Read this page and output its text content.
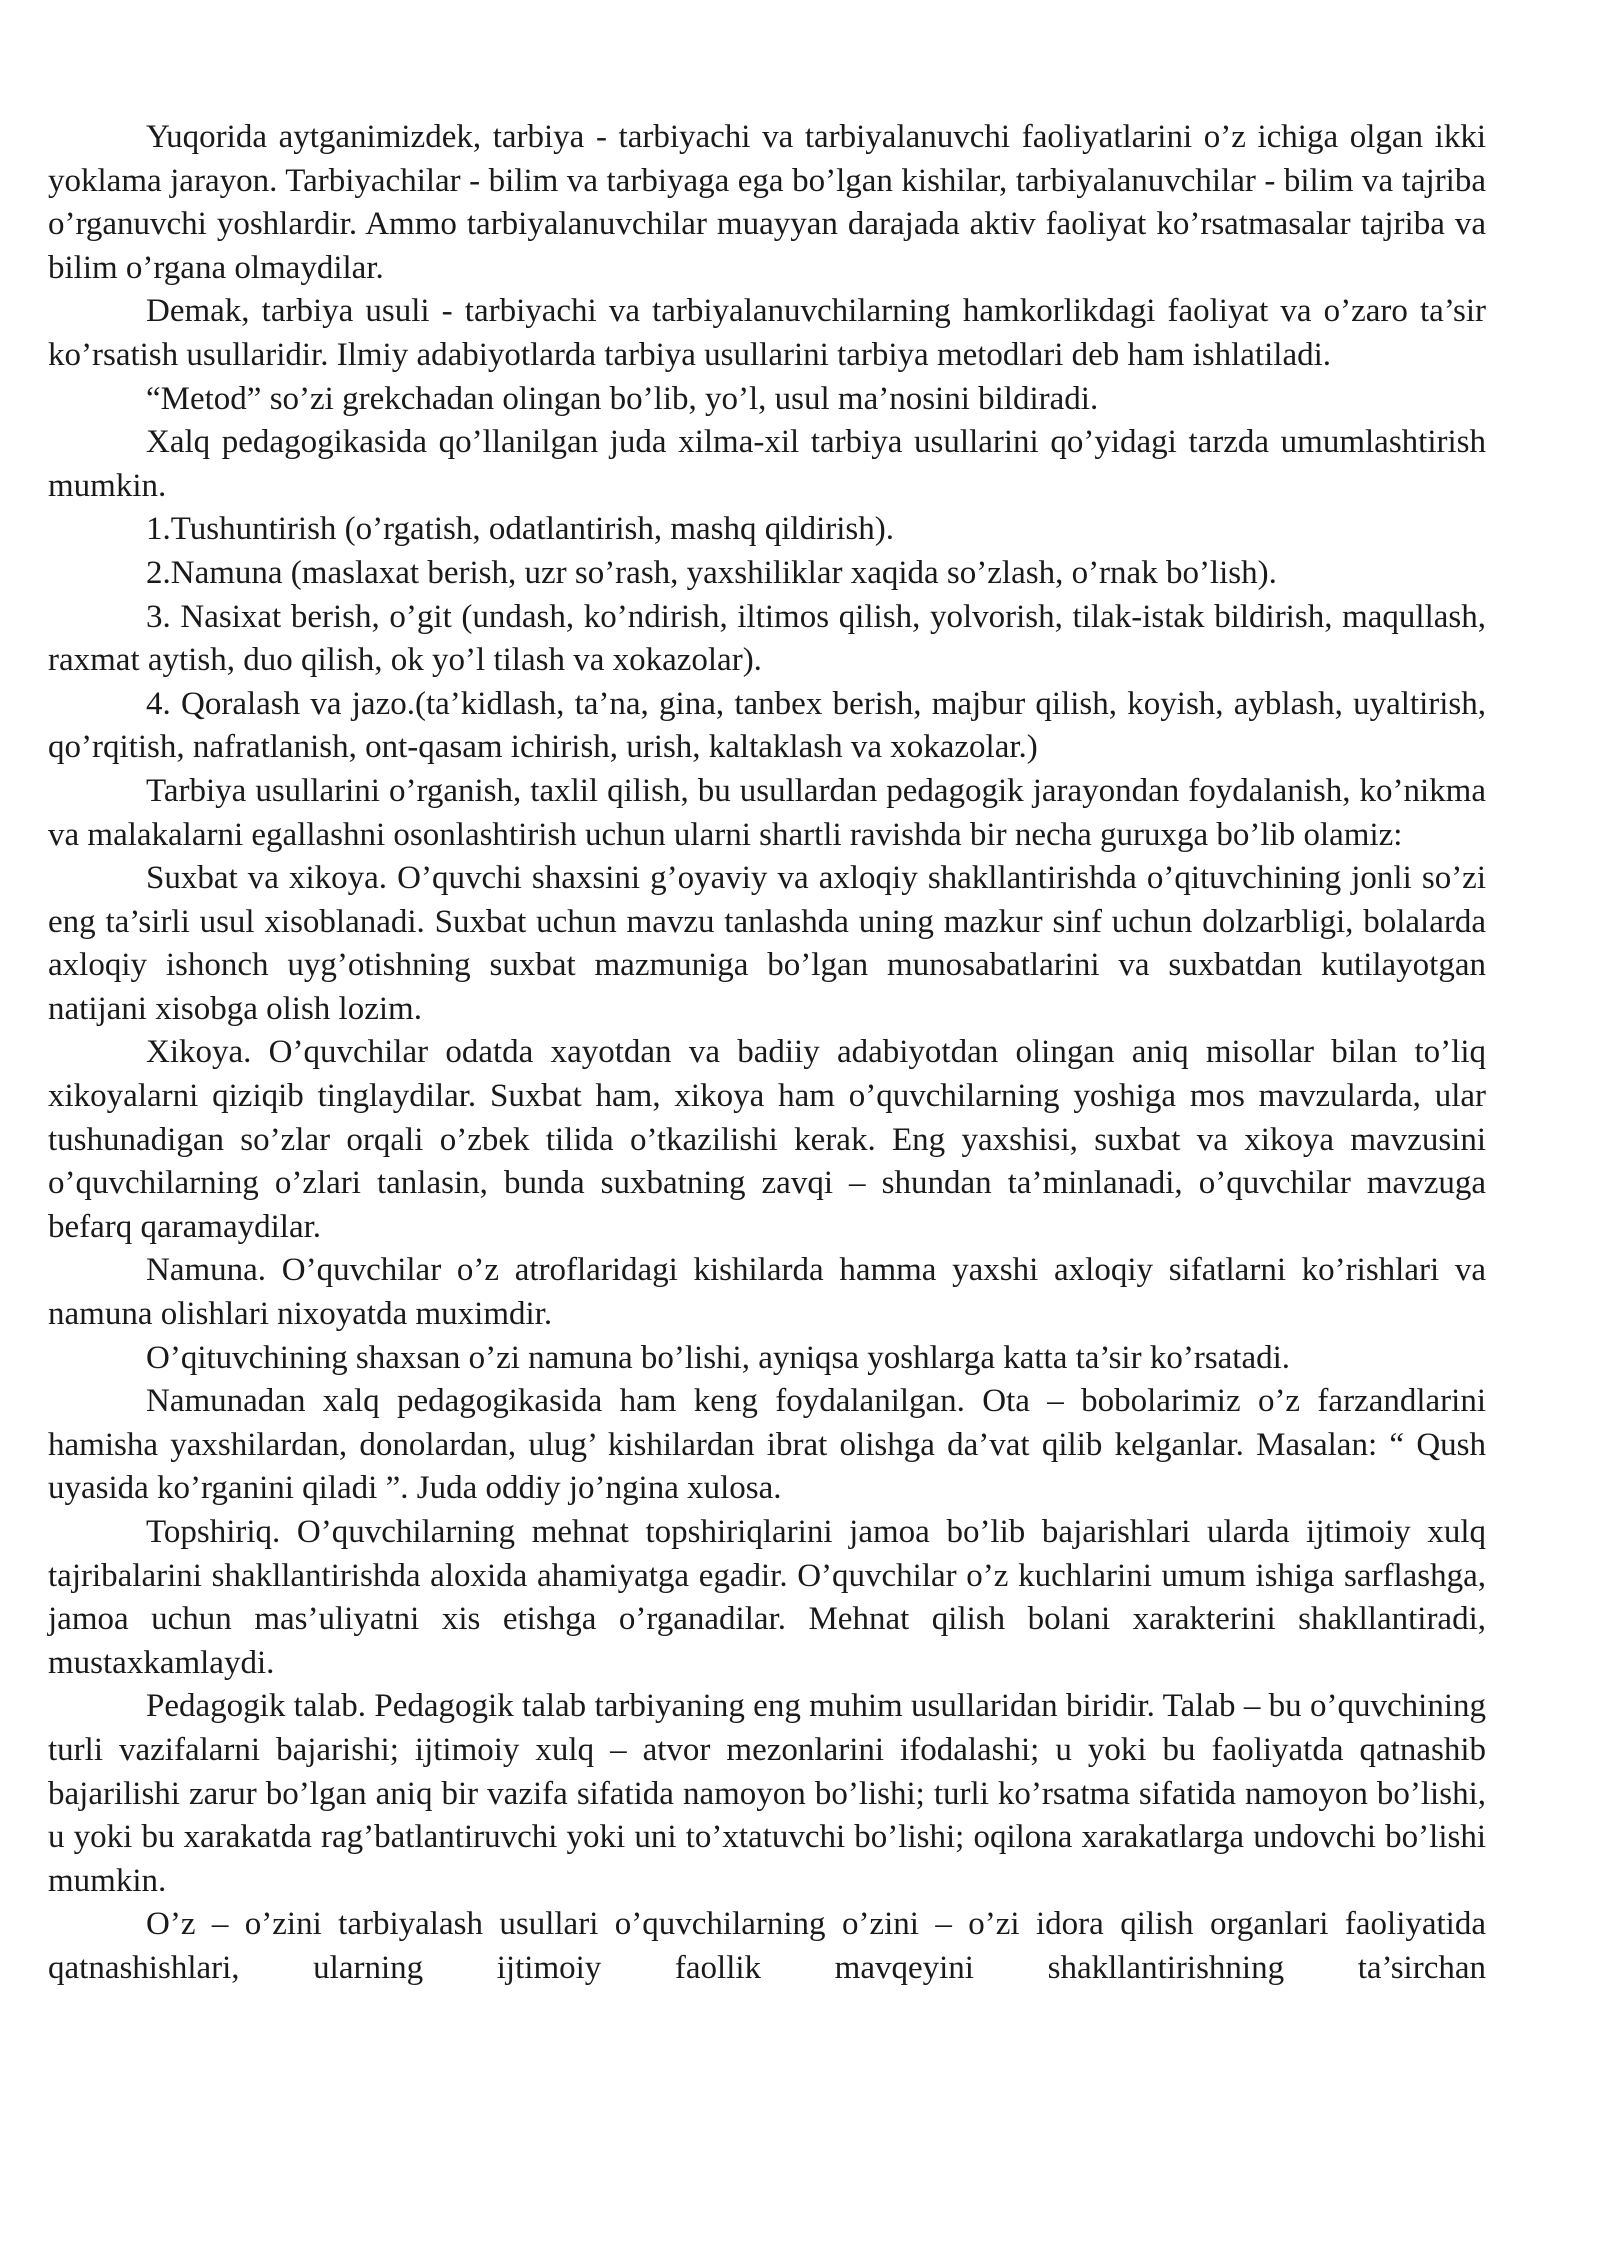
Yuqorida aytganimizdek, tarbiya - tarbiyachi va tarbiyalanuvchi faoliyatlarini o’z ichiga olgan ikki yoklama jarayon. Tarbiyachilar - bilim va tarbiyaga ega bo’lgan kishilar, tarbiyalanuvchilar - bilim va tajriba o’rganuvchi yoshlardir. Ammo tarbiyalanuvchilar muayyan darajada aktiv faoliyat ko’rsatmasalar tajriba va bilim o’rgana olmaydilar.

Demak, tarbiya usuli - tarbiyachi va tarbiyalanuvchilarning hamkorlikdagi faoliyat va o’zaro ta’sir ko’rsatish usullaridir. Ilmiy adabiyotlarda tarbiya usullarini tarbiya metodlari deb ham ishlatiladi.

“Metod” so’zi grekchadan olingan bo’lib, yo’l, usul ma’nosini bildiradi.

Xalq pedagogikasida qo’llanilgan juda xilma-xil tarbiya usullarini qo’yidagi tarzda umumlashtirish mumkin.

1.Tushuntirish (o’rgatish, odatlantirish, mashq qildirish).

2.Namuna (maslaxat berish, uzr so’rash, yaxshiliklar xaqida so’zlash, o’rnak bo’lish).

3. Nasixat berish, o’git (undash, ko’ndirish, iltimos qilish, yolvorish, tilak-istak bildirish, maqullash, raxmat aytish, duo qilish, ok yo’l tilash va xokazolar).

4. Qoralash va jazo.(ta’kidlash, ta’na, gina, tanbex berish, majbur qilish, koyish, ayblash, uyaltirish, qo’rqitish, nafratlanish, ont-qasam ichirish, urish, kaltaklash va xokazolar.)

Tarbiya usullarini o’rganish, taxlil qilish, bu usullardan pedagogik jarayondan foydalanish, ko’nikma va malakalarni egallashni osonlashtirish uchun ularni shartli ravishda bir necha guruxga bo’lib olamiz:

Suxbat va xikoya. O’quvchi shaxsini g’oyaviy va axloqiy shakllantirishda o’qituvchining jonli so’zi eng ta’sirli usul xisoblanadi. Suxbat uchun mavzu tanlashda uning mazkur sinf uchun dolzarbligi, bolalarda axloqiy ishonch uyg’otishning suxbat mazmuniga bo’lgan munosabatlarini va suxbatdan kutilayotgan natijani xisobga olish lozim.

Xikoya. O’quvchilar odatda xayotdan va badiiy adabiyotdan olingan aniq misollar bilan to’liq xikoyalarni qiziqib tinglaydilar. Suxbat ham, xikoya ham o’quvchilarning yoshiga mos mavzularda, ular tushunadigan so’zlar orqali o’zbek tilida o’tkazilishi kerak. Eng yaxshisi, suxbat va xikoya mavzusini o’quvchilarning o’zlari tanlasin, bunda suxbatning zavqi – shundan ta’minlanadi, o’quvchilar mavzuga befarq qaramaydilar.

Namuna. O’quvchilar o’z atroflaridagi kishilarda hamma yaxshi axloqiy sifatlarni ko’rishlari va namuna olishlari nixoyatda muximdir.

O’qituvchining shaxsan o’zi namuna bo’lishi, ayniqsa yoshlarga katta ta’sir ko’rsatadi.

Namunadan xalq pedagogikasida ham keng foydalanilgan. Ota – bobolarimiz o’z farzandlarini hamisha yaxshilardan, donolardan, ulug’ kishilardan ibrat olishga da’vat qilib kelganlar. Masalan: “ Qush uyasida ko’rganini qiladi ”. Juda oddiy jo’ngina xulosa.

Topshiriq. O’quvchilarning mehnat topshiriqlarini jamoa bo’lib bajarishlari ularda ijtimoiy xulq tajribalarini shakllantirishda aloxida ahamiyatga egadir. O’quvchilar o’z kuchlarini umum ishiga sarflashga, jamoa uchun mas’uliyatni xis etishga o’rganadilar. Mehnat qilish bolani xarakterini shakllantiradi, mustaxkamlaydi.

Pedagogik talab. Pedagogik talab tarbiyaning eng muhim usullaridan biridir. Talab – bu o’quvchining turli vazifalarni bajarishi; ijtimoiy xulq – atvor mezonlarini ifodalashi; u yoki bu faoliyatda qatnashib bajarilishi zarur bo’lgan aniq bir vazifa sifatida namoyon bo’lishi; turli ko’rsatma sifatida namoyon bo’lishi, u yoki bu xarakatda rag’batlantiruvchi yoki uni to’xtatuvchi bo’lishi; oqilona xarakatlarga undovchi bo’lishi mumkin.

O’z – o’zini tarbiyalash usullari o’quvchilarning o’zini – o’zi idora qilish organlari faoliyatida qatnashishlari, ularning ijtimoiy faollik mavqeyini shakllantirishning ta’sirchan
